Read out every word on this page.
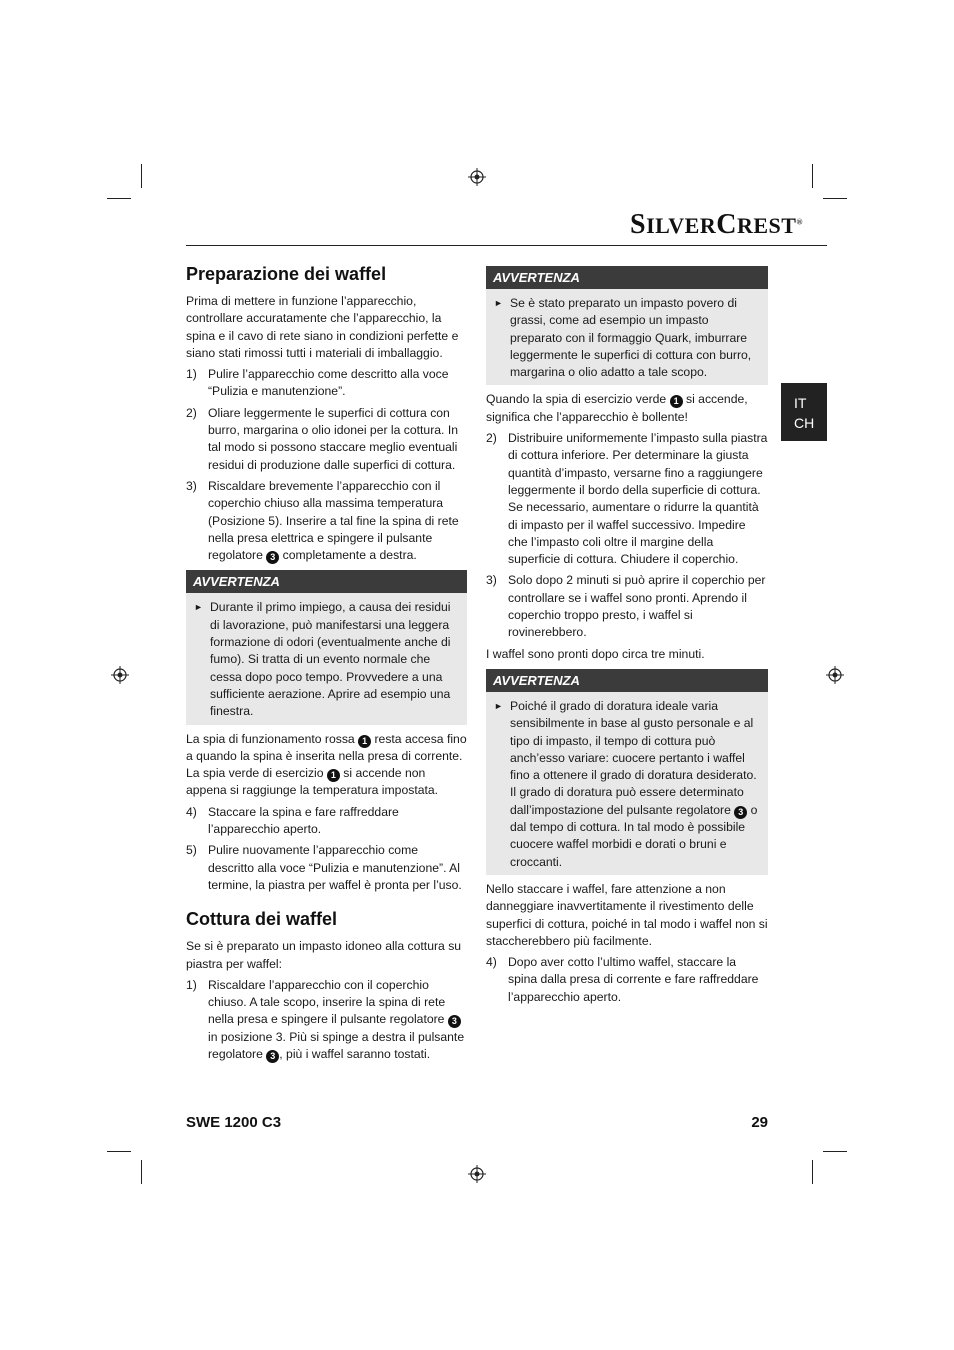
SILVERCREST®
IT
CH
Preparazione dei waffel

Prima di mettere in funzione l’apparecchio, controllare accuratamente che l’apparecchio, la spina e il cavo di rete siano in condizioni perfette e siano stati rimossi tutti i materiali di imballaggio.

1) Pulire l’apparecchio come descritto alla voce “Pulizia e manutenzione”.
2) Oliare leggermente le superfici di cottura con burro, margarina o olio idonei per la cottura. In tal modo si possono staccare meglio eventuali residui di produzione dalle superfici di cottura.
3) Riscaldare brevemente l’apparecchio con il coperchio chiuso alla massima temperatura (Posizione 5). Inserire a tal fine la spina di rete nella presa elettrica e spingere il pulsante regolatore 3 completamente a destra.
AVVERTENZA
► Durante il primo impiego, a causa dei residui di lavorazione, può manifestarsi una leggera formazione di odori (eventualmente anche di fumo). Si tratta di un evento normale che cessa dopo poco tempo. Provvedere a una sufficiente aerazione. Aprire ad esempio una finestra.

La spia di funzionamento rossa 1 resta accesa fino a quando la spina è inserita nella presa di corrente. La spia verde di esercizio 1 si accende non appena si raggiunge la temperatura impostata.

4) Staccare la spina e fare raffreddare l’apparecchio aperto.
5) Pulire nuovamente l’apparecchio come descritto alla voce “Pulizia e manutenzione”. Al termine, la piastra per waffel è pronta per l’uso.
Cottura dei waffel

Se si è preparato un impasto idoneo alla cottura su piastra per waffel:

1) Riscaldare l’apparecchio con il coperchio chiuso. A tale scopo, inserire la spina di rete nella presa e spingere il pulsante regolatore 3 in posizione 3. Più si spinge a destra il pulsante regolatore 3 , più i waffel saranno tostati.
AVVERTENZA
► Se è stato preparato un impasto povero di grassi, come ad esempio un impasto preparato con il formaggio Quark, imburrare leggermente le superfici di cottura con burro, margarina o olio adatto a tale scopo.

Quando la spia di esercizio verde 1 si accende, significa che l’apparecchio è bollente!

2) Distribuire uniformemente l’impasto sulla piastra di cottura inferiore. Per determinare la giusta quantità d’impasto, versarne fino a raggiungere leggermente il bordo della superficie di cottura. Se necessario, aumentare o ridurre la quantità di impasto per il waffel successivo. Impedire che l’impasto coli oltre il margine della superficie di cottura. Chiudere il coperchio.
3) Solo dopo 2 minuti si può aprire il coperchio per controllare se i waffel sono pronti. Aprendo il coperchio troppo presto, i waffel si rovinerebbero.

I waffel sono pronti dopo circa tre minuti.

AVVERTENZA
► Poiché il grado di doratura ideale varia sensibilmente in base al gusto personale e al tipo di impasto, il tempo di cottura può anch’esso variare: cuocere pertanto i waffel fino a ottenere il grado di doratura desiderato. Il grado di doratura può essere determinato dall’impostazione del pulsante regolatore 3 o dal tempo di cottura. In tal modo è possibile cuocere waffel morbidi e dorati o bruni e croccanti.

Nello staccare i waffel, fare attenzione a non danneggiare inavvertitamente il rivestimento delle superfici di cottura, poiché in tal modo i waffel non si staccherebbero più facilmente.

4) Dopo aver cotto l’ultimo waffel, staccare la spina dalla presa di corrente e fare raffreddare l’apparecchio aperto.
SWE 1200 C3	29
